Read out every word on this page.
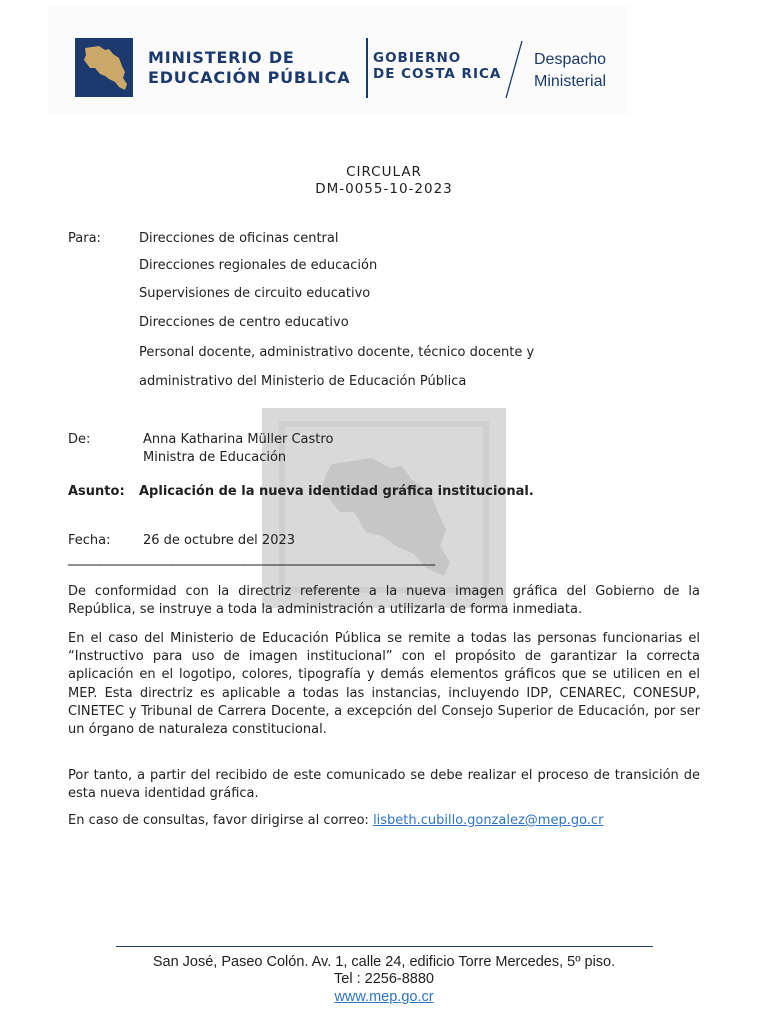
MINISTERIO DE
EDUCACIÓN PÚBLICA
GOBIERNO
DE COSTA RICA
Despacho
Ministerial
CIRCULAR
DM-0055-10-2023
Para:	Direcciones de oficinas central
Direcciones regionales de educación
Supervisiones de circuito educativo
Direcciones de centro educativo
Personal docente, administrativo docente, técnico docente y
administrativo del Ministerio de Educación Pública
De:	Anna Katharina Müller Castro
Ministra de Educación
Asunto: Aplicación de la nueva identidad gráfica institucional.
Fecha:	26 de octubre del 2023
___________________________________________________
De conformidad con la directriz referente a la nueva imagen gráfica del Gobierno de la República, se instruye a toda la administración a utilizarla de forma inmediata.
En el caso del Ministerio de Educación Pública se remite a todas las personas funcionarias el “Instructivo para uso de imagen institucional” con el propósito de garantizar la correcta aplicación en el logotipo, colores, tipografía y demás elementos gráficos que se utilicen en el MEP. Esta directriz es aplicable a todas las instancias, incluyendo IDP, CENAREC, CONESUP, CINETEC y Tribunal de Carrera Docente, a excepción del Consejo Superior de Educación, por ser un órgano de naturaleza constitucional.
Por tanto, a partir del recibido de este comunicado se debe realizar el proceso de transición de esta nueva identidad gráfica.
En caso de consultas, favor dirigirse al correo: lisbeth.cubillo.gonzalez@mep.go.cr
San José, Paseo Colón. Av. 1, calle 24, edificio Torre Mercedes, 5º piso.
Tel : 2256-8880
www.mep.go.cr
